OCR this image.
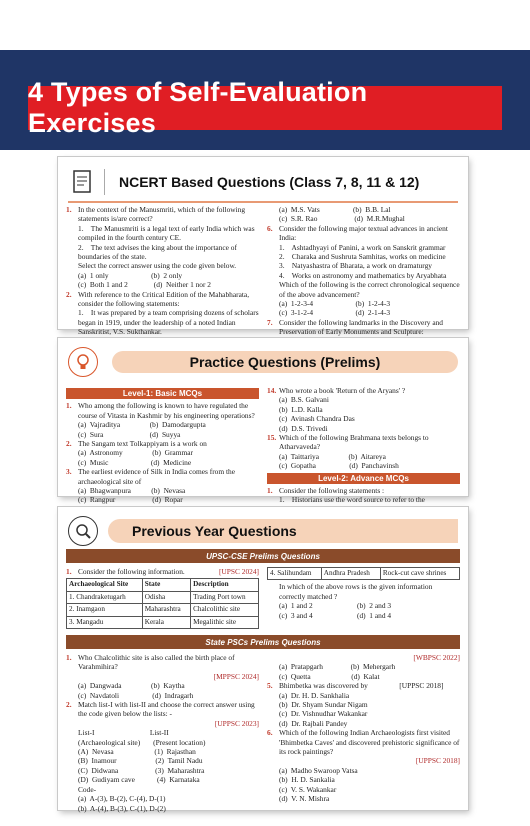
4 Types of Self-Evaluation Exercises
NCERT Based Questions (Class 7, 8, 11 & 12)
1. In the context of the Manusmriti, which of the following statements is/are correct?
1.    The Manusmriti is a legal text of early India which was compiled in the fourth century CE.
2.    The text advises the king about the importance of boundaries of the state.
Select the correct answer using the code given below.
(a)  1 only                       (b)  2 only
(c)  Both 1 and 2              (d)  Neither 1 nor 2
2. With reference to the Critical Edition of the Mahabharata, consider the following statements:
1.    It was prepared by a team comprising dozens of scholars began in 1919, under the leadership of a noted Indian Sanskritist, V.S. Sukthankar.
(a)  M.S. Vats                  (b)  B.B. Lal
(c)  S.R. Rao                    (d)  M.R.Mughal
6. Consider the following major textual advances in ancient India:
1.    Ashtadhyayi of Panini, a work on Sanskrit grammar
2.    Charaka and Sushruta Samhitas, works on medicine
3.    Natyashastra of Bharata, a work on dramaturgy
4.    Works on astronomy and mathematics by Aryabhata
Which of the following is the correct chronological sequence of the above advancement?
(a)  1-2-3-4                       (b)  1-2-4-3
(c)  3-1-2-4                       (d)  2-1-4-3
7. Consider the following landmarks in the Discovery and Preservation of Early Monuments and Sculpture:
Practice Questions (Prelims)
Level-1: Basic MCQs
1. Who among the following is known to have regulated the course of Vitasta in Kashmir by his engineering operations?
(a)  Vajraditya                (b)  Damodargupta
(c)  Sura                         (d)  Suyya
2. The Sangam text Tolkappiyam is a work on
(a)  Astronomy                (b)  Grammar
(c)  Music                       (d)  Medicine
3. The earliest evidence of Silk in India comes from the archaeological site of
(a)  Bhagwanpura           (b)  Nevasa
(c)  Rangpur                    (d)  Ropar
14. Who wrote a book 'Return of the Aryans' ?
(a)  B.S. Galvani
(b)  L.D. Kalla
(c)  Avinash Chandra Das
(d)  D.S. Trivedi
15. Which of the following Brahmana texts belongs to Atharvaveda?
(a)  Taittariya                (b)  Aitareya
(c)  Gopatha                  (d)  Panchavinsh
Level-2: Advance MCQs
1. Consider the following statements :
1.    Historians use the word source to refer to the
Previous Year Questions
UPSC-CSE Prelims Questions
1. Consider the following information.	[UPSC 2024]
Archaeological Site	State	Description
1. Chandraketugarh	Odisha	Trading Port town
2. Inamgaon	Maharashtra	Chalcolithic site
3. Mangadu	Kerala	Megalithic site
4. Salihundam	Andhra Pradesh	Rock-cut cave shrines
In which of the above rows is the given information correctly matched ?
(a)  1 and 2                        (b)  2 and 3
(c)  3 and 4                        (d)  1 and 4
State PSCs Prelims Questions
1. Who Chalcolithic site is also called the birth place of Varahmihira?
[MPPSC 2024]
(a)  Dangwada                (b)  Kaytha
(c)  Navdatoli                  (d)  Indragarh
2. Match list-I with list-II and choose the correct answer using the code given below the lists: -
[UPPSC 2023]
List-I                              List-II
(Archaeological site)       (Present location)
(A)  Nevasa                      (1)  Rajasthan
(B)  Inamour                     (2)  Tamil Nadu
(C)  Didwana                    (3)  Maharashtra
(D)  Gudiyam cave            (4)  Karnataka
Code-
(a)  A-(3), B-(2), C-(4), D-(1)
(b)  A-(4), B-(3), C-(1), D-(2)
[WBPSC 2022]
(a)  Pratapgarh               (b)  Mehergarh
(c)  Quetta                      (d)  Kalat
5. Bhimbetka was discovered by                 [UPPSC 2018]
(a)  Dr. H. D. Sankhalia
(b)  Dr. Shyam Sundar Nigam
(c)  Dr. Vishnudhar Wakankar
(d)  Dr. Rajbali Pandey
6. Which of the following Indian Archaeologists first visited 'Bhimbetka Caves' and discovered prehistoric significance of its rock paintings?
[UPPSC 2018]
(a)  Madho Swaroop Vatsa
(b)  H. D. Sankalia
(c)  V. S. Wakankar
(d)  V. N. Mishra
